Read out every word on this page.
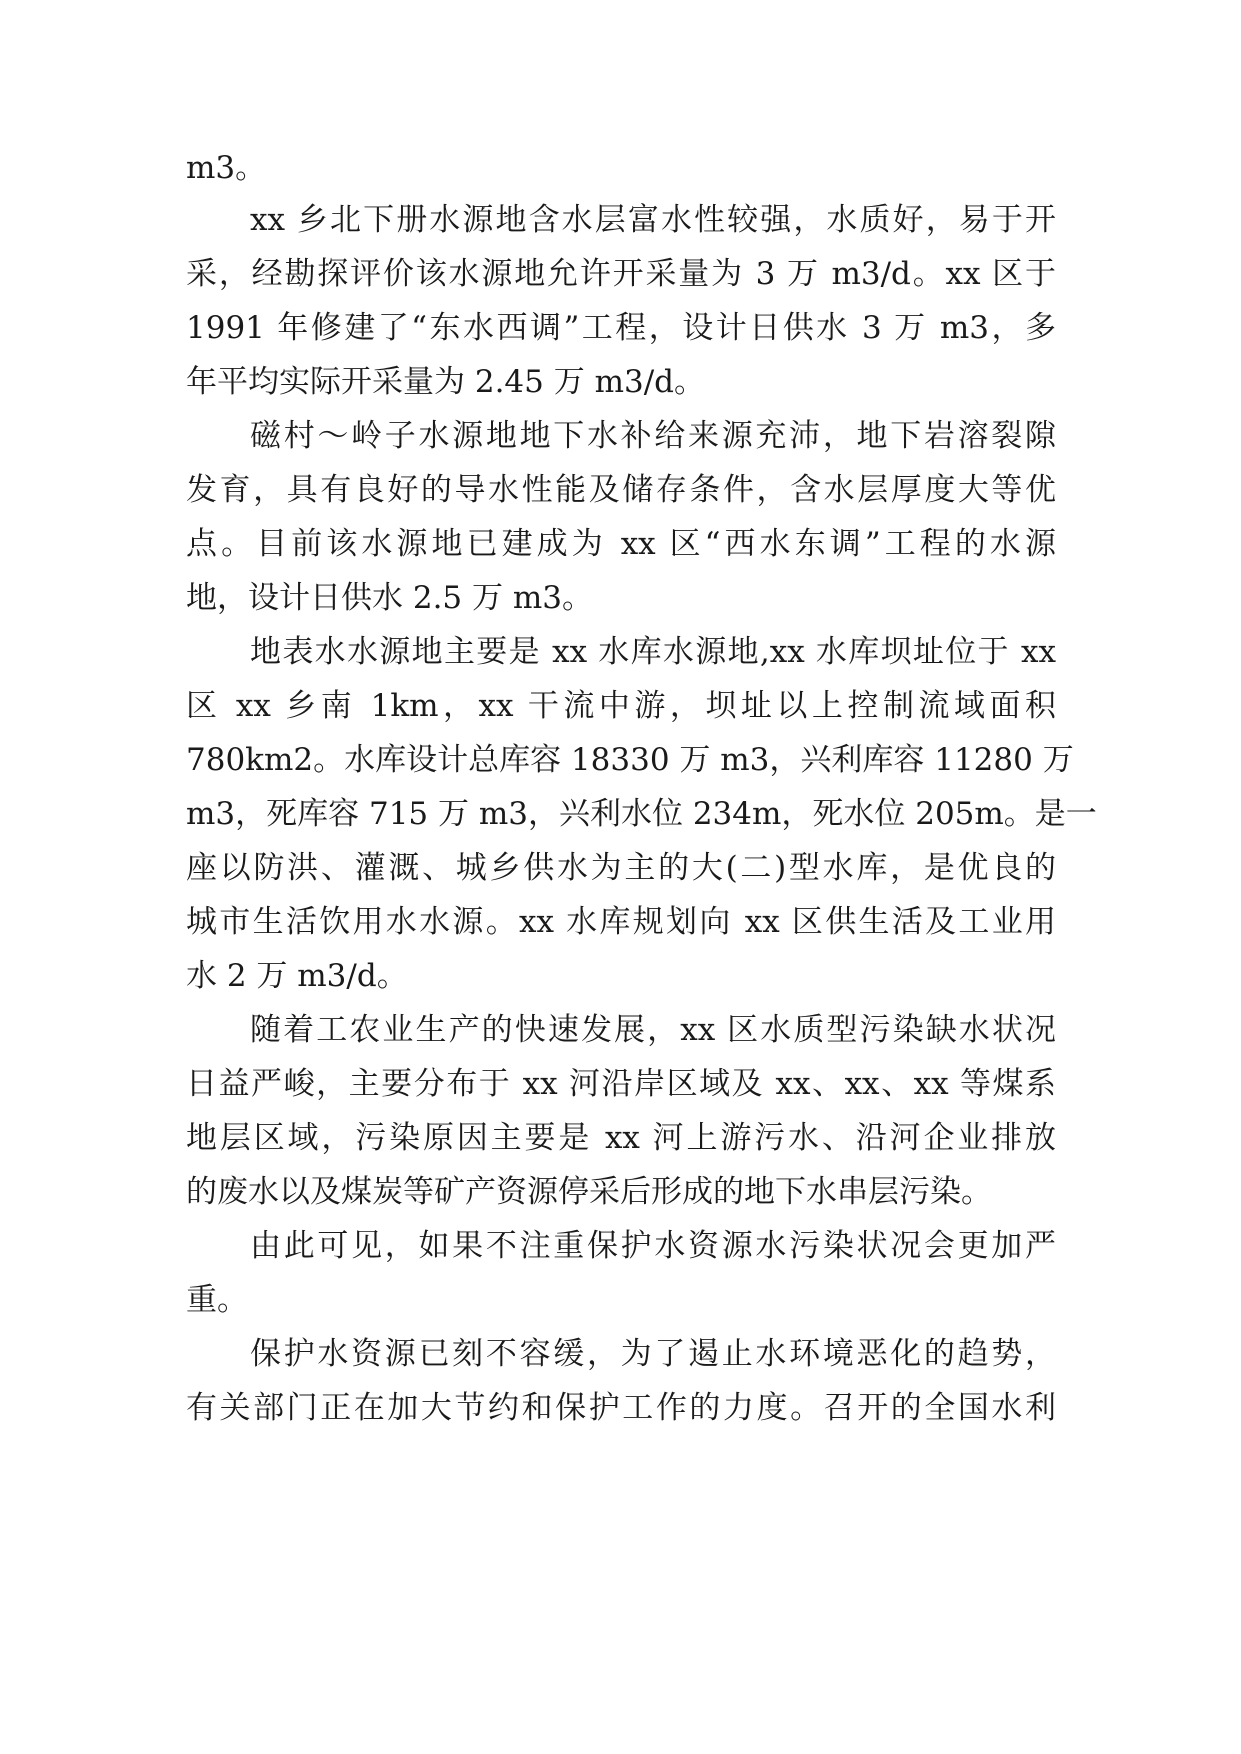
m3。
xx 乡北下册水源地含水层富水性较强，水质好，易于开
采，经勘探评价该水源地允许开采量为 3 万 m3/d。xx 区于
1991 年修建了“东水西调”工程，设计日供水 3 万 m3，多
年平均实际开采量为 2.45 万 m3/d。
磁村～岭子水源地地下水补给来源充沛，地下岩溶裂隙
发育，具有良好的导水性能及储存条件，含水层厚度大等优
点。目前该水源地已建成为 xx 区“西水东调”工程的水源
地，设计日供水 2.5 万 m3。
地表水水源地主要是 xx 水库水源地,xx 水库坝址位于 xx
区 xx 乡南 1km，xx 干流中游，坝址以上控制流域面积
780km2。水库设计总库容 18330 万 m3，兴利库容 11280 万
m3，死库容 715 万 m3，兴利水位 234m，死水位 205m。是一
座以防洪、灌溉、城乡供水为主的大(二)型水库，是优良的
城市生活饮用水水源。xx 水库规划向 xx 区供生活及工业用
水 2 万 m3/d。
随着工农业生产的快速发展，xx 区水质型污染缺水状况
日益严峻，主要分布于 xx 河沿岸区域及 xx、xx、xx 等煤系
地层区域，污染原因主要是 xx 河上游污水、沿河企业排放
的废水以及煤炭等矿产资源停采后形成的地下水串层污染。
由此可见，如果不注重保护水资源水污染状况会更加严
重。
保护水资源已刻不容缓，为了遏止水环境恶化的趋势，
有关部门正在加大节约和保护工作的力度。召开的全国水利
